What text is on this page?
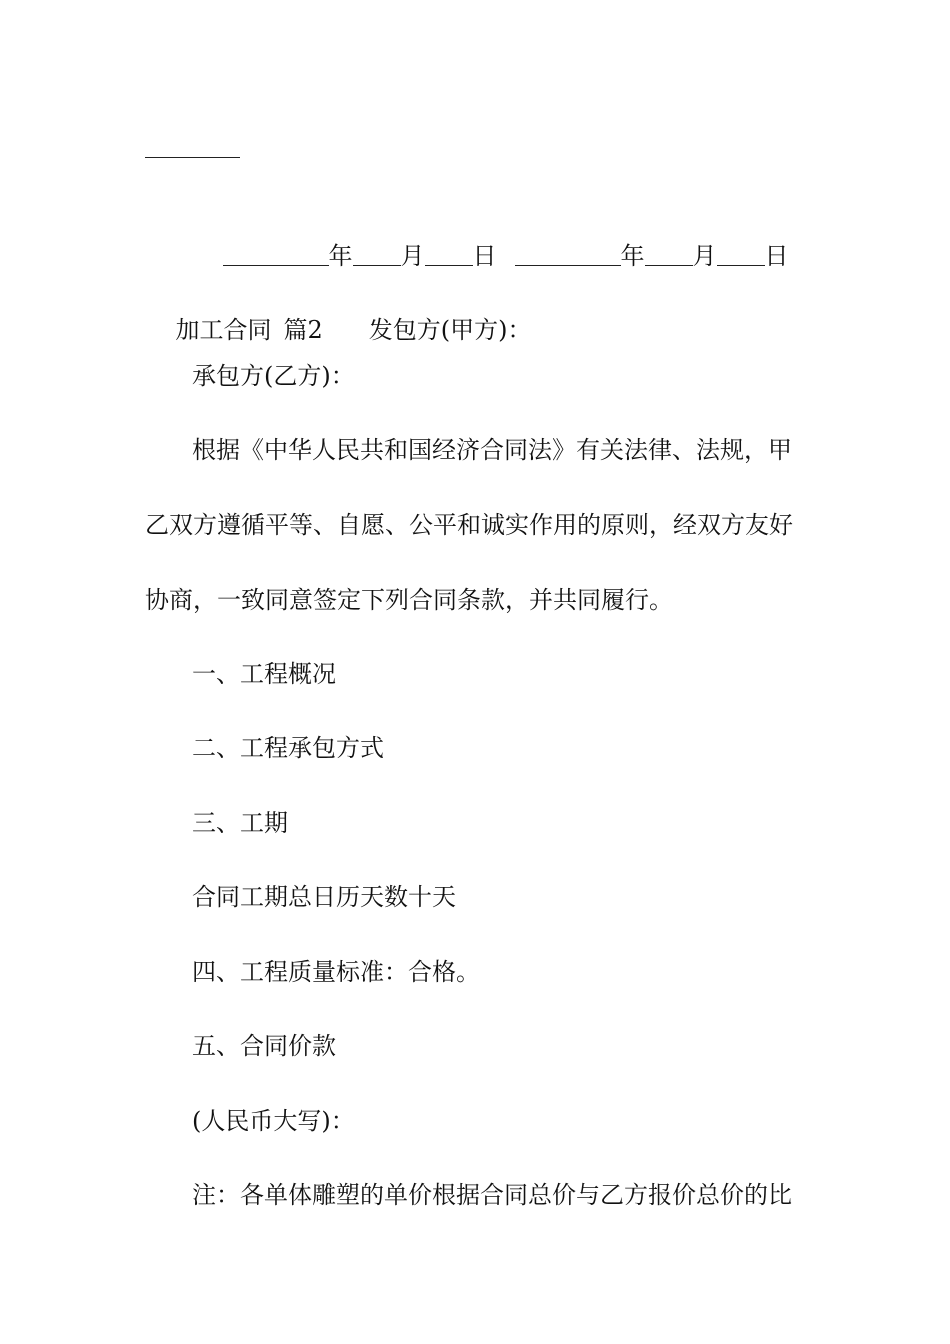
年 月 日	年 月 日

加工合同 篇2 发包方(甲方)：

承包方(乙方)：
根据《中华人民共和国经济合同法》有关法律、法规，甲
乙双方遵循平等、自愿、公平和诚实作用的原则，经双方友好
协商，一致同意签定下列合同条款，并共同履行。
一、工程概况
二、工程承包方式
三、工期
合同工期总日历天数十天
四、工程质量标准：合格。
五、合同价款
(人民币大写)：
注：各单体雕塑的单价根据合同总价与乙方报价总价的比
